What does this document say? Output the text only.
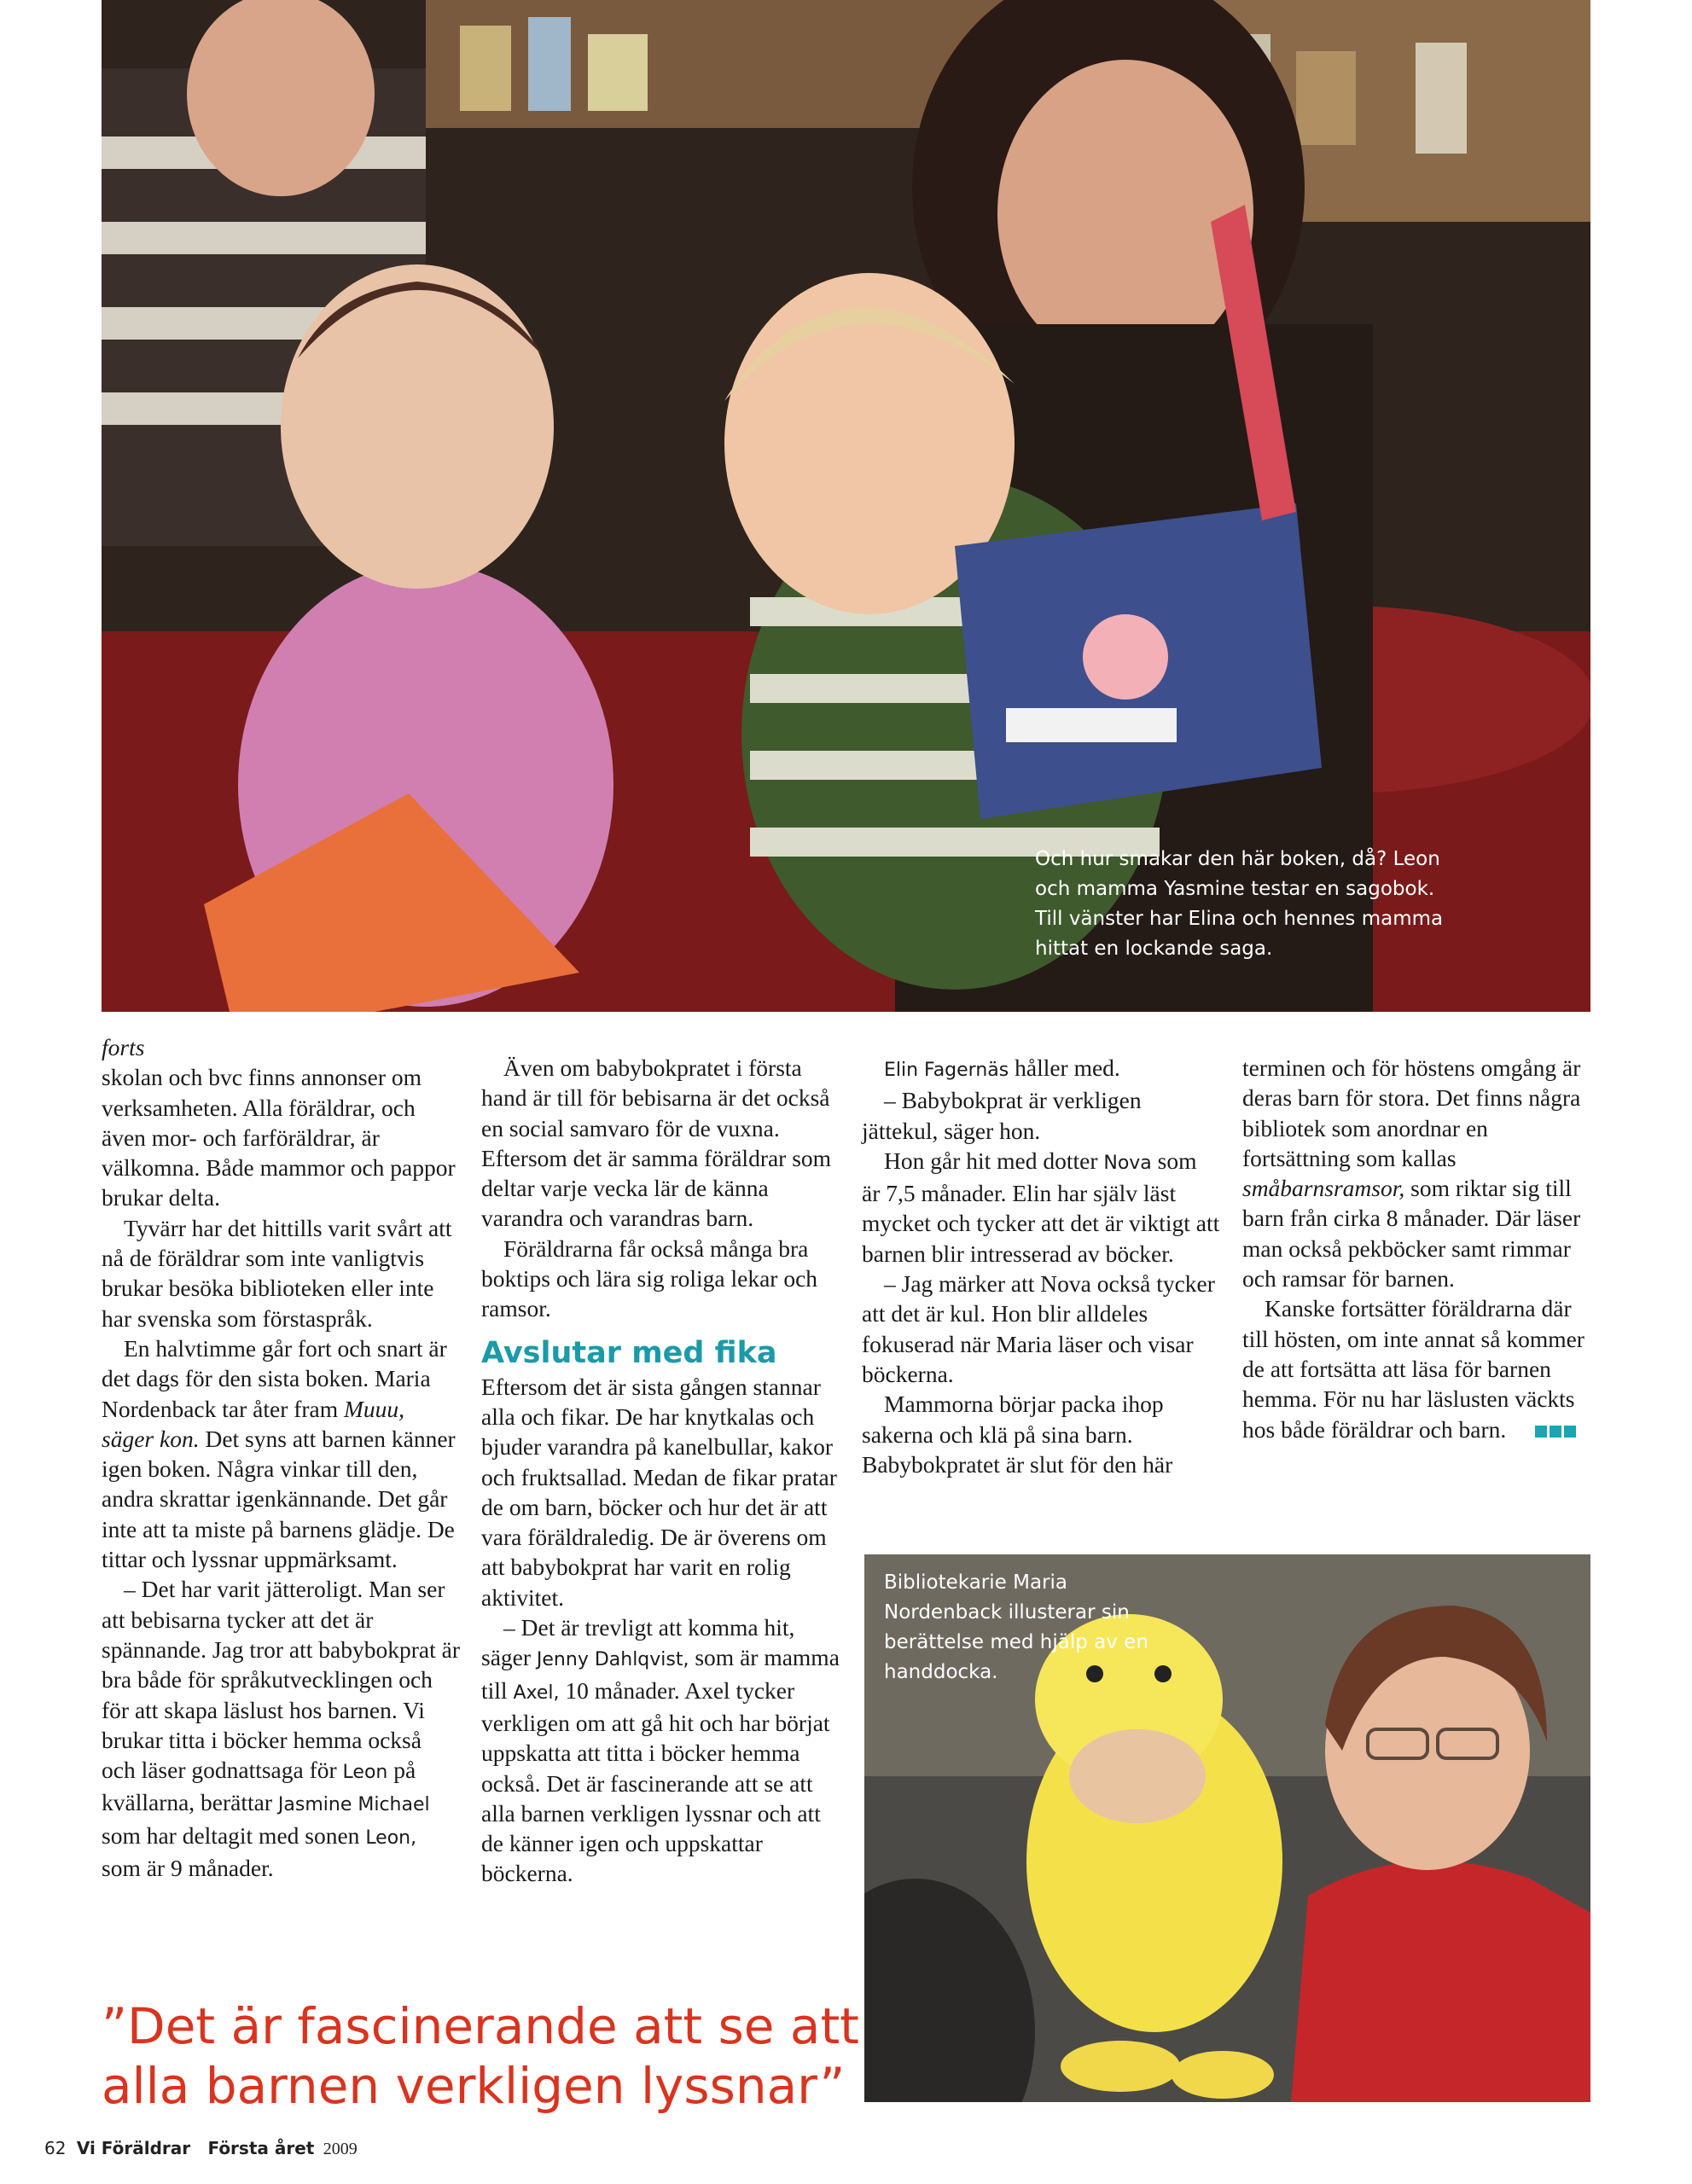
Och hur smakar den här boken, då? Leon och mamma Yasmine testar en sagobok. Till vänster har Elina och hennes mamma hittat en lockande saga.

forts

skolan och bvc finns annonser om verksamheten. Alla föräldrar, och även mor- och farföräldrar, är välkomna. Både mammor och pappor brukar delta.

Tyvärr har det hittills varit svårt att nå de föräldrar som inte vanligtvis brukar besöka biblioteken eller inte har svenska som förstaspråk.

En halvtimme går fort och snart är det dags för den sista boken. Maria Nordenback tar åter fram Muuu, säger kon. Det syns att barnen känner igen boken. Några vinkar till den, andra skrattar igenkännande. Det går inte att ta miste på barnens glädje. De tittar och lyssnar uppmärksamt.

– Det har varit jätteroligt. Man ser att bebisarna tycker att det är spännande. Jag tror att babybokprat är bra både för språkutvecklingen och för att skapa läslust hos barnen. Vi brukar titta i böcker hemma också och läser godnattsaga för Leon på kvällarna, berättar Jasmine Michael som har deltagit med sonen Leon, som är 9 månader.

Även om babybokpratet i första hand är till för bebisarna är det också en social samvaro för de vuxna. Eftersom det är samma föräldrar som deltar varje vecka lär de känna varandra och varandras barn.

Föräldrarna får också många bra boktips och lära sig roliga lekar och ramsor.

Avslutar med fika

Eftersom det är sista gången stannar alla och fikar. De har knytkalas och bjuder varandra på kanelbullar, kakor och fruktsallad. Medan de fikar pratar de om barn, böcker och hur det är att vara föräldraledig. De är överens om att babybokprat har varit en rolig aktivitet.

– Det är trevligt att komma hit, säger Jenny Dahlqvist, som är mamma till Axel, 10 månader. Axel tycker verkligen om att gå hit och har börjat uppskatta att titta i böcker hemma också. Det är fascinerande att se att alla barnen verkligen lyssnar och att de känner igen och uppskattar böckerna.

Elin Fagernäs håller med.

– Babybokprat är verkligen jättekul, säger hon.

Hon går hit med dotter Nova som är 7,5 månader. Elin har själv läst mycket och tycker att det är viktigt att barnen blir intresserad av böcker.

– Jag märker att Nova också tycker att det är kul. Hon blir alldeles fokuserad när Maria läser och visar böckerna.

Mammorna börjar packa ihop sakerna och klä på sina barn. Babybokpratet är slut för den här

terminen och för höstens omgång är deras barn för stora. Det finns några bibliotek som anordnar en fortsättning som kallas småbarnsramsor, som riktar sig till barn från cirka 8 månader. Där läser man också pekböcker samt rimmar och ramsar för barnen.

Kanske fortsätter föräldrarna där till hösten, om inte annat så kommer de att fortsätta att läsa för barnen hemma. För nu har läslusten väckts hos både föräldrar och barn.

”Det är fascinerande att se att
alla barnen verkligen lyssnar”
Bibliotekarie Maria Nordenback illusterar sin berättelse med hjälp av en handdocka.
62 Vi Föräldrar Första året 2009
